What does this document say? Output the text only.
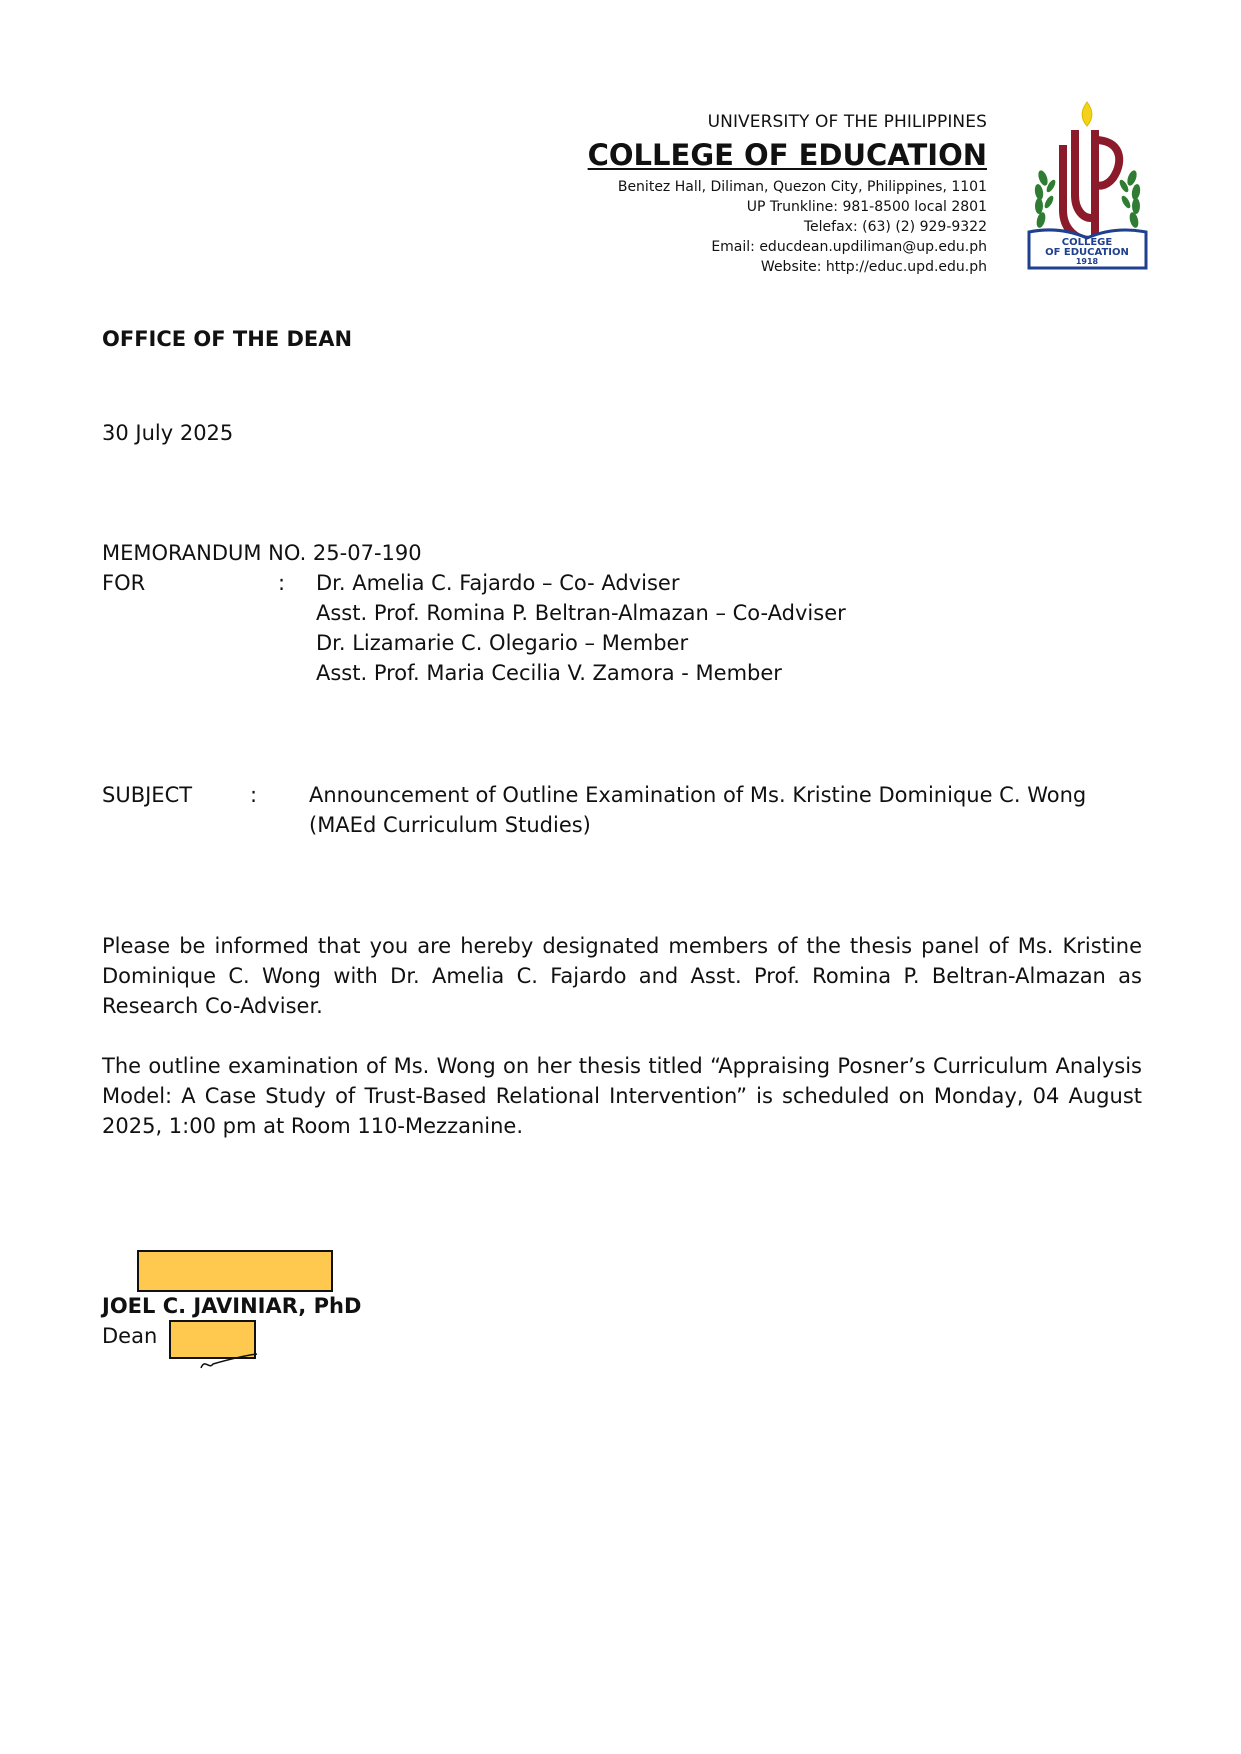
UNIVERSITY OF THE PHILIPPINES
COLLEGE OF EDUCATION
Benitez Hall, Diliman, Quezon City, Philippines, 1101
UP Trunkline: 981-8500 local 2801
Telefax: (63) (2) 929-9322
Email: educdean.updiliman@up.edu.ph
Website: http://educ.upd.edu.ph
COLLEGE
OF EDUCATION
1918
OFFICE OF THE DEAN
30 July 2025
MEMORANDUM NO. 25-07-190
FOR	: Dr. Amelia C. Fajardo – Co- Adviser
Asst. Prof. Romina P. Beltran-Almazan – Co-Adviser
Dr. Lizamarie C. Olegario – Member
Asst. Prof. Maria Cecilia V. Zamora - Member
SUBJECT	: Announcement of Outline Examination of Ms. Kristine Dominique C. Wong
(MAEd Curriculum Studies)
Please be informed that you are hereby designated members of the thesis panel of Ms. Kristine Dominique C. Wong with Dr. Amelia C. Fajardo and Asst. Prof. Romina P. Beltran-Almazan as Research Co-Adviser.
The outline examination of Ms. Wong on her thesis titled “Appraising Posner’s Curriculum Analysis Model: A Case Study of Trust-Based Relational Intervention” is scheduled on Monday, 04 August 2025, 1:00 pm at Room 110-Mezzanine.
JOEL C. JAVINIAR, PhD
Dean
